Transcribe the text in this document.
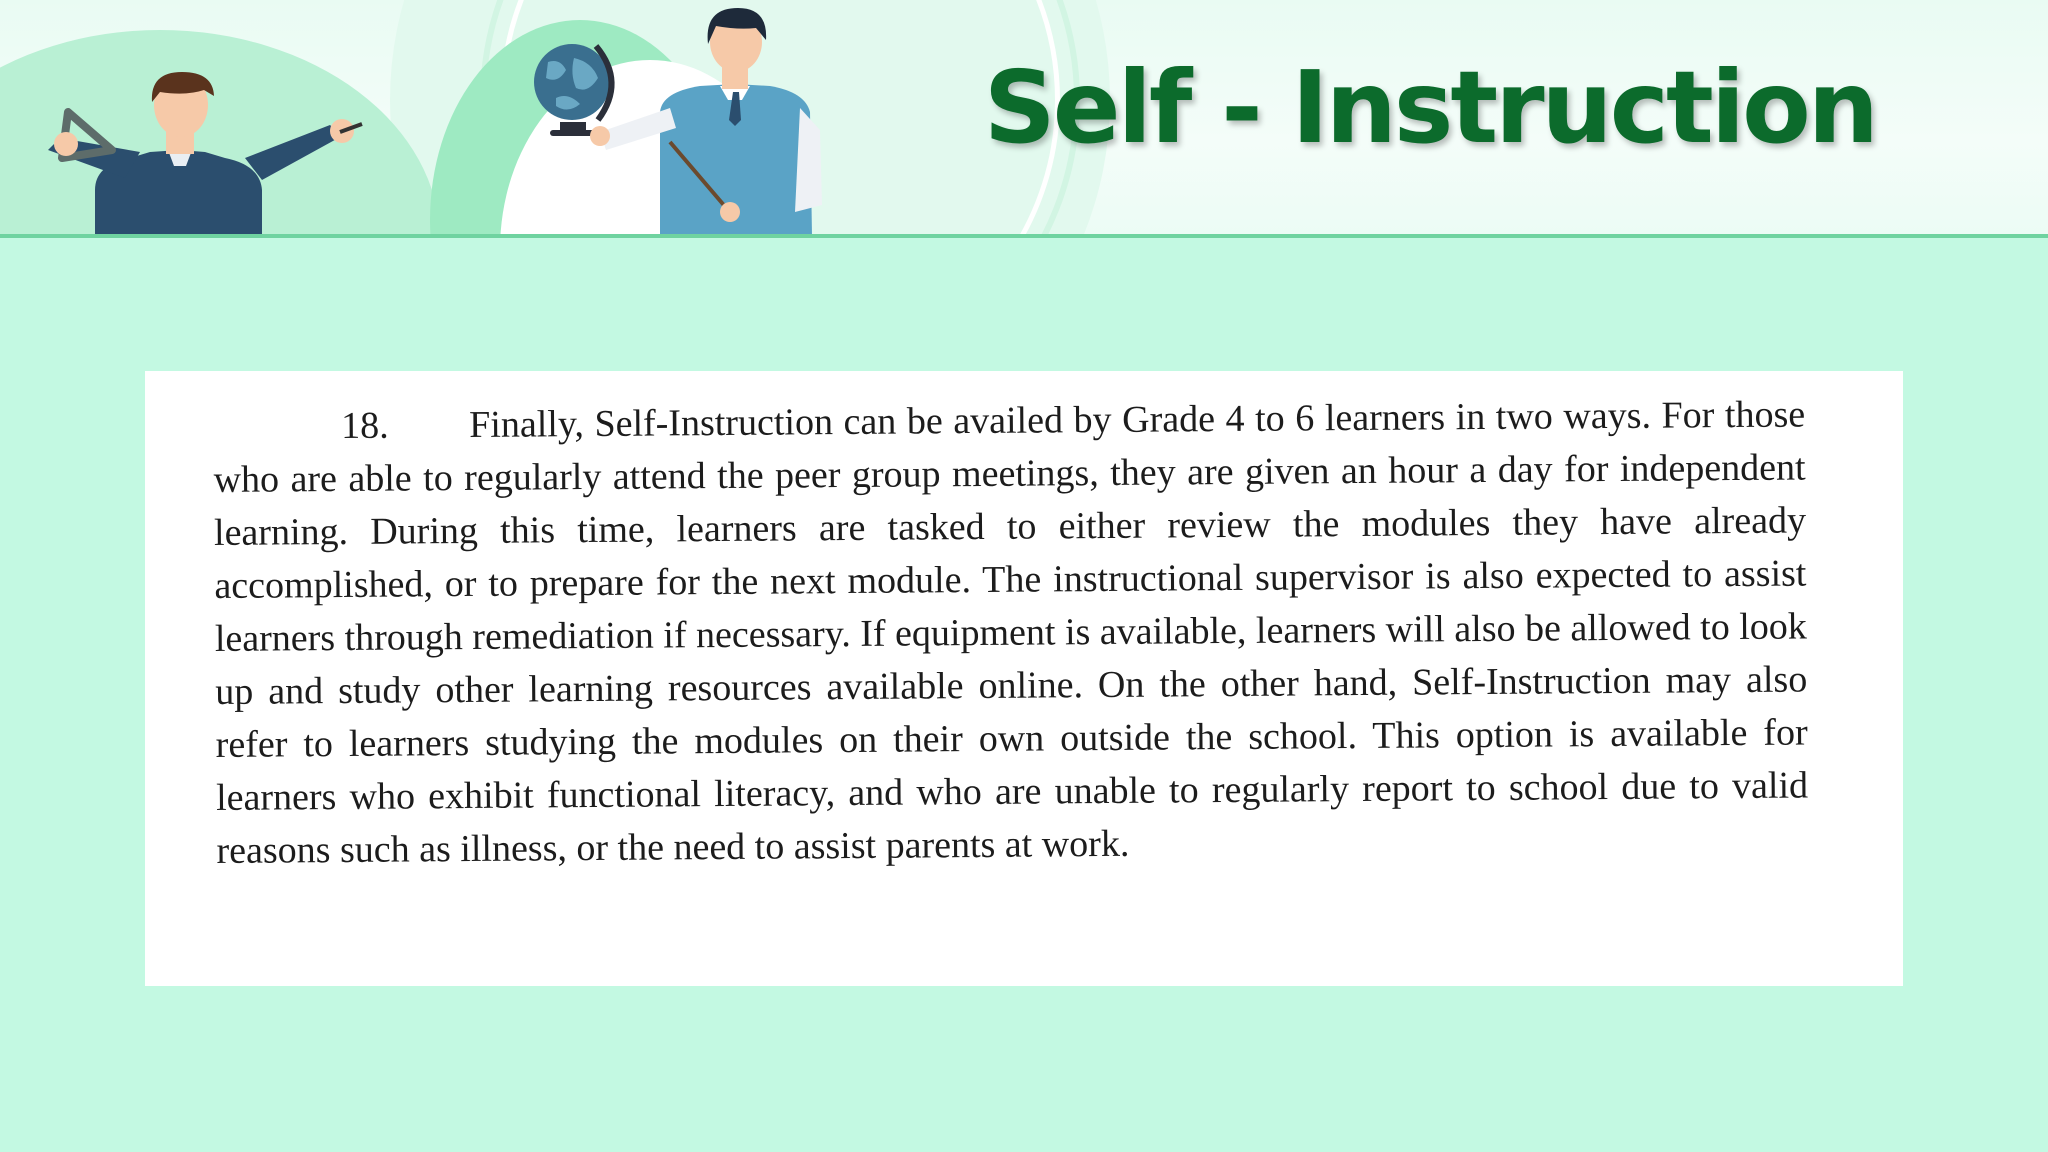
Self - Instruction

18. Finally, Self-Instruction can be availed by Grade 4 to 6 learners in two ways. For those who are able to regularly attend the peer group meetings, they are given an hour a day for independent learning. During this time, learners are tasked to either review the modules they have already accomplished, or to prepare for the next module. The instructional supervisor is also expected to assist learners through remediation if necessary. If equipment is available, learners will also be allowed to look up and study other learning resources available online. On the other hand, Self-Instruction may also refer to learners studying the modules on their own outside the school. This option is available for learners who exhibit functional literacy, and who are unable to regularly report to school due to valid reasons such as illness, or the need to assist parents at work.
